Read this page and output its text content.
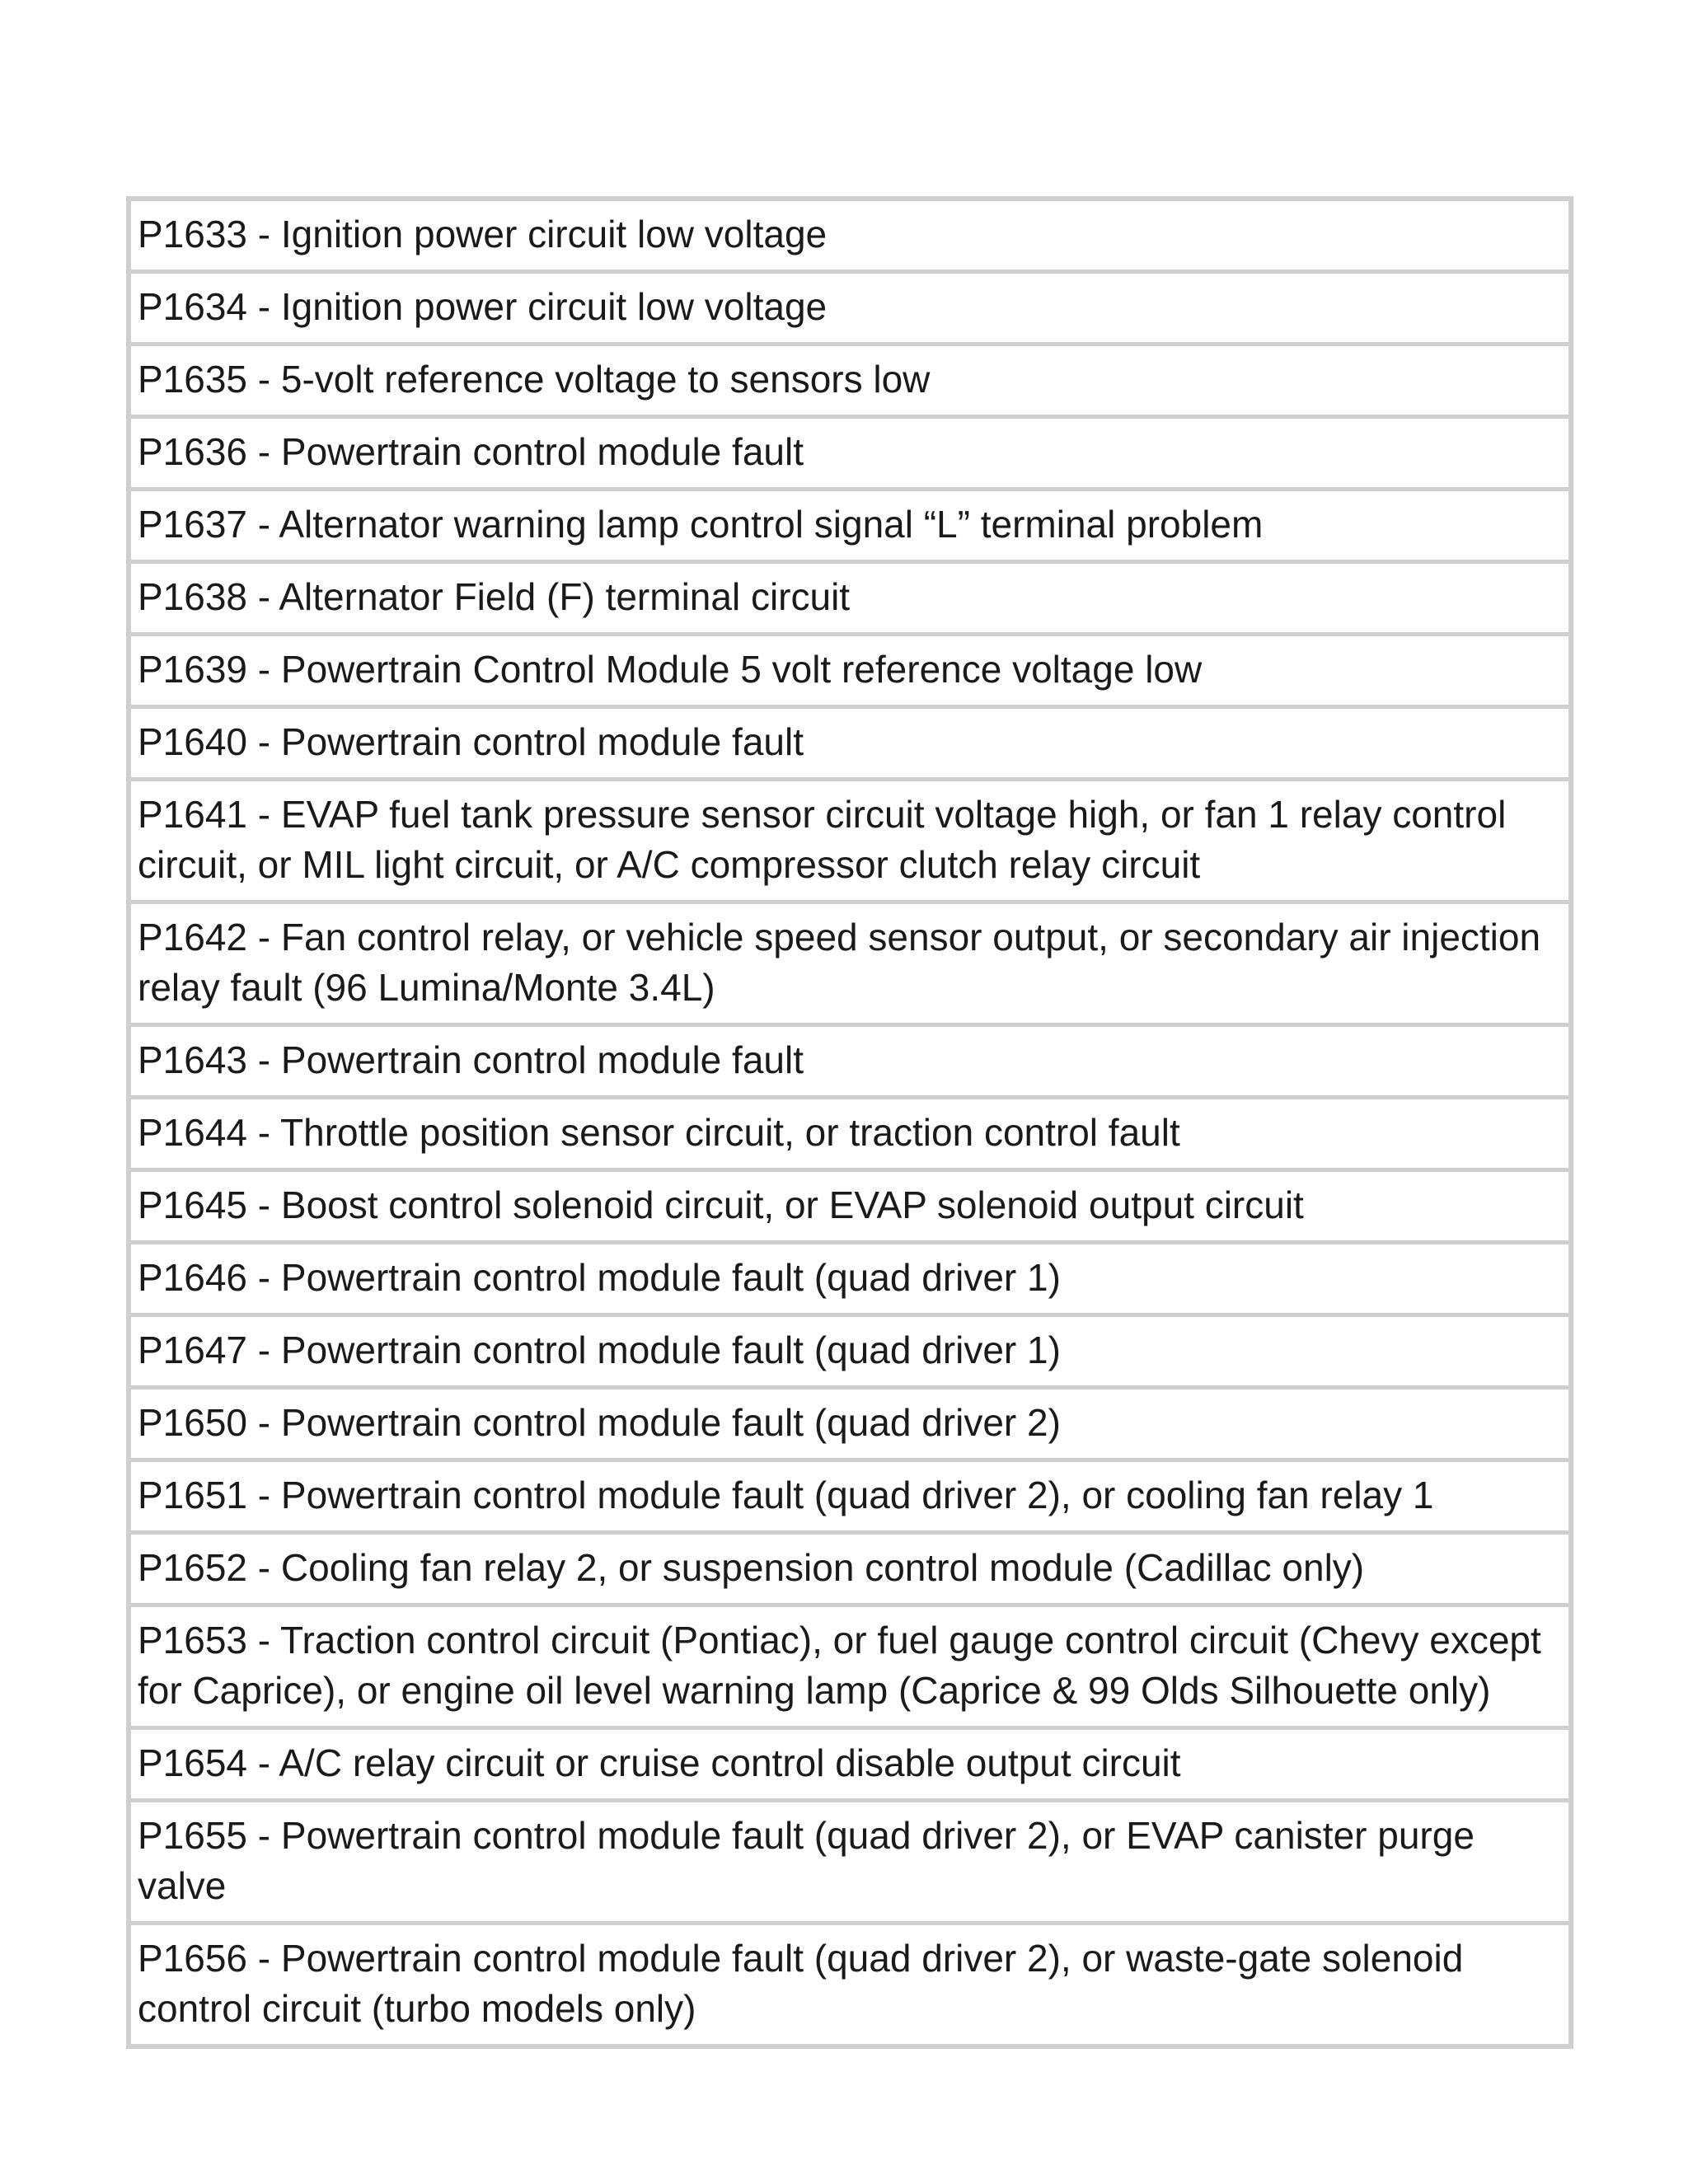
P1633 - Ignition power circuit low voltage
P1634 - Ignition power circuit low voltage
P1635 - 5-volt reference voltage to sensors low
P1636 - Powertrain control module fault
P1637 - Alternator warning lamp control signal “L” terminal problem
P1638 - Alternator Field (F) terminal circuit
P1639 - Powertrain Control Module 5 volt reference voltage low
P1640 - Powertrain control module fault
P1641 - EVAP fuel tank pressure sensor circuit voltage high, or fan 1 relay control circuit, or MIL light circuit, or A/C compressor clutch relay circuit
P1642 - Fan control relay, or vehicle speed sensor output, or secondary air injection relay fault (96 Lumina/Monte 3.4L)
P1643 - Powertrain control module fault
P1644 - Throttle position sensor circuit, or traction control fault
P1645 - Boost control solenoid circuit, or EVAP solenoid output circuit
P1646 - Powertrain control module fault (quad driver 1)
P1647 - Powertrain control module fault (quad driver 1)
P1650 - Powertrain control module fault (quad driver 2)
P1651 - Powertrain control module fault (quad driver 2), or cooling fan relay 1
P1652 - Cooling fan relay 2, or suspension control module (Cadillac only)
P1653 - Traction control circuit (Pontiac), or fuel gauge control circuit (Chevy except for Caprice), or engine oil level warning lamp (Caprice & 99 Olds Silhouette only)
P1654 - A/C relay circuit or cruise control disable output circuit
P1655 - Powertrain control module fault (quad driver 2), or EVAP canister purge valve
P1656 - Powertrain control module fault (quad driver 2), or waste-gate solenoid control circuit (turbo models only)
